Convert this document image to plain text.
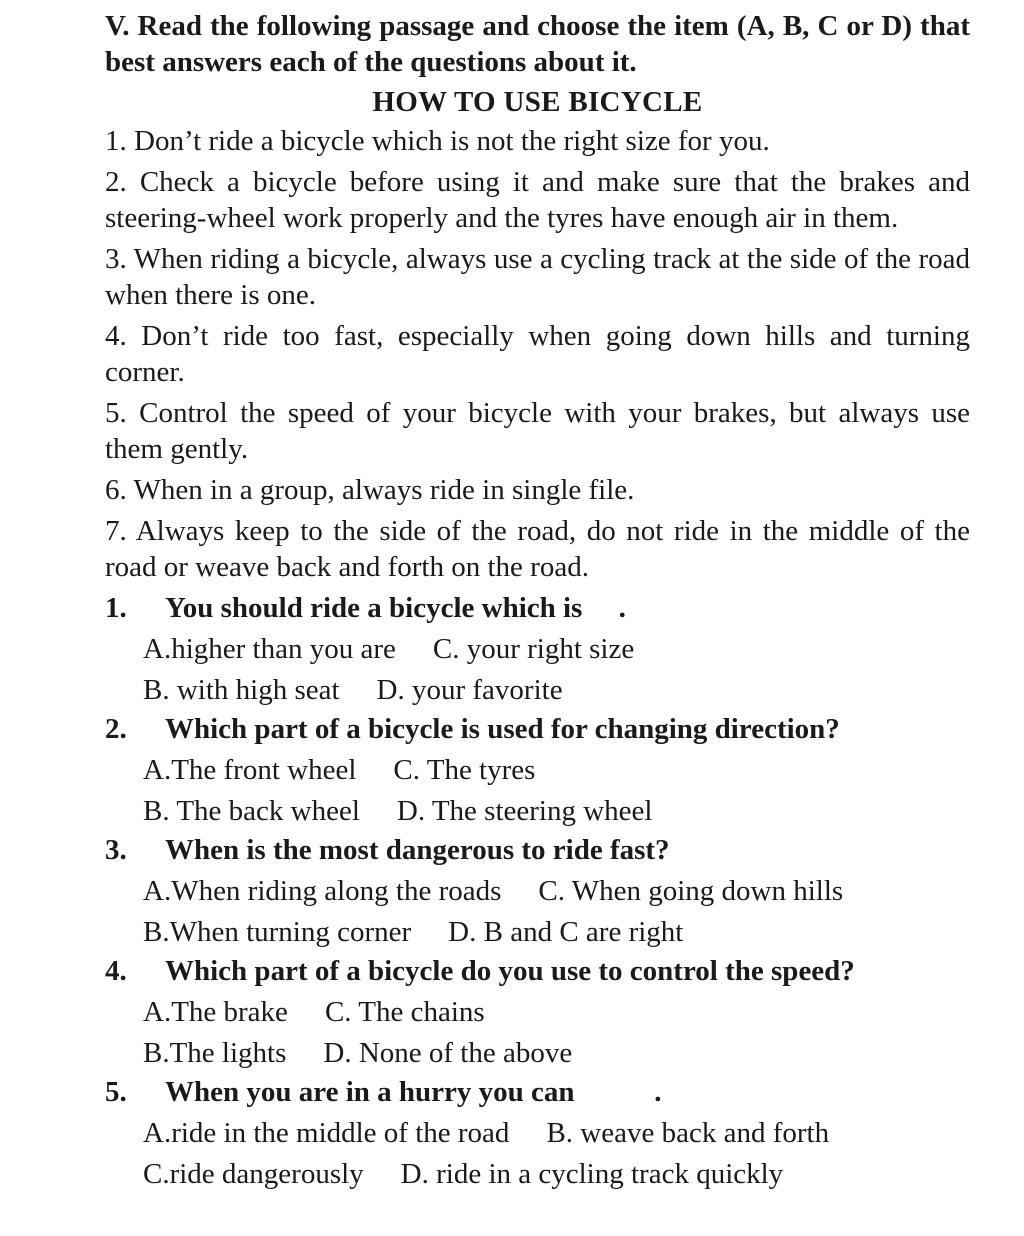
V. Read the following passage and choose the item (A, B, C or D) that best answers each of the questions about it.

HOW TO USE BICYCLE

1. Don’t ride a bicycle which is not the right size for you.

2. Check a bicycle before using it and make sure that the brakes and steering-wheel work properly and the tyres have enough air in them.

3. When riding a bicycle, always use a cycling track at the side of the road when there is one.

4. Don’t ride too fast, especially when going down hills and turning corner.

5. Control the speed of your bicycle with your brakes, but always use them gently.

6. When in a group, always ride in single file.

7. Always keep to the side of the road, do not ride in the middle of the road or weave back and forth on the road.

1.	You should ride a bicycle which is     .
A.higher than you are C. your right size
B. with high seat D. your favorite
2.	Which part of a bicycle is used for changing direction?
A.The front wheel C. The tyres
B. The back wheel D. The steering wheel
3.	When is the most dangerous to ride fast?
A.When riding along the roads C. When going down hills
B.When turning corner D. B and C are right
4.	Which part of a bicycle do you use to control the speed?
A.The brake C. The chains
B.The lights D. None of the above
5.	When you are in a hurry you can           .
A.ride in the middle of the road B. weave back and forth
C.ride dangerously D. ride in a cycling track quickly
